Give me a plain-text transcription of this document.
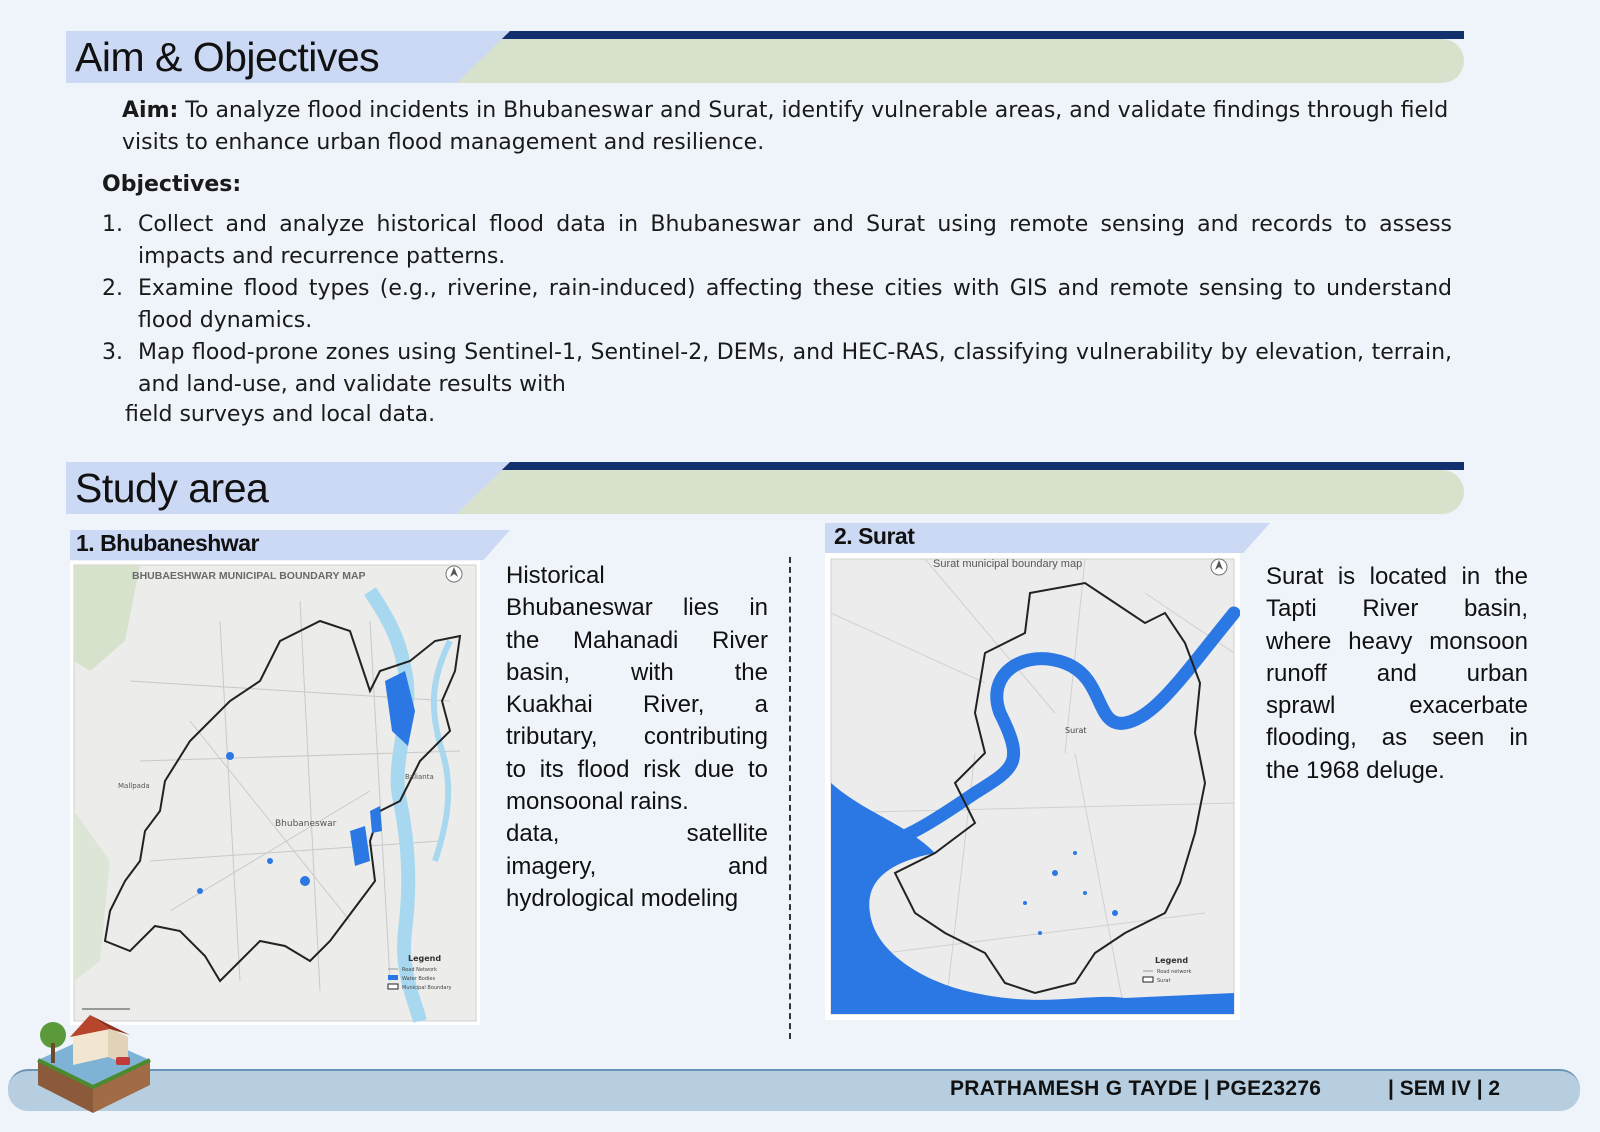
Aim & Objectives
Aim: To analyze flood incidents in Bhubaneswar and Surat, identify vulnerable areas, and validate findings through field visits to enhance urban flood management and resilience.
Objectives:
1. Collect and analyze historical flood data in Bhubaneswar and Surat using remote sensing and records to assess impacts and recurrence patterns.
2. Examine flood types (e.g., riverine, rain-induced) affecting these cities with GIS and remote sensing to understand flood dynamics.
3. Map flood-prone zones using Sentinel-1, Sentinel-2, DEMs, and HEC-RAS, classifying vulnerability by elevation, terrain, and land-use, and validate results with
field surveys and local data.
Study area
1. Bhubaneshwar
BHUBAESHWAR MUNICIPAL BOUNDARY MAP
Bhubaneswar
Balianta
Mallpada
Legend
Road Network
Water Bodies
Municipal Boundary
Historical
Bhubaneswar lies in
the Mahanadi River
basin, with the
Kuakhai River, a
tributary, contributing
to its flood risk due to
monsoonal rains.
data, satellite
imagery, and
hydrological modeling
2. Surat
Surat municipal boundary map
Surat
Legend
Road network
Surat
Surat is located in the
Tapti River basin,
where heavy monsoon
runoff and urban
sprawl exacerbate
flooding, as seen in
the 1968 deluge.
PRATHAMESH G TAYDE | PGE23276	| SEM IV | 2
